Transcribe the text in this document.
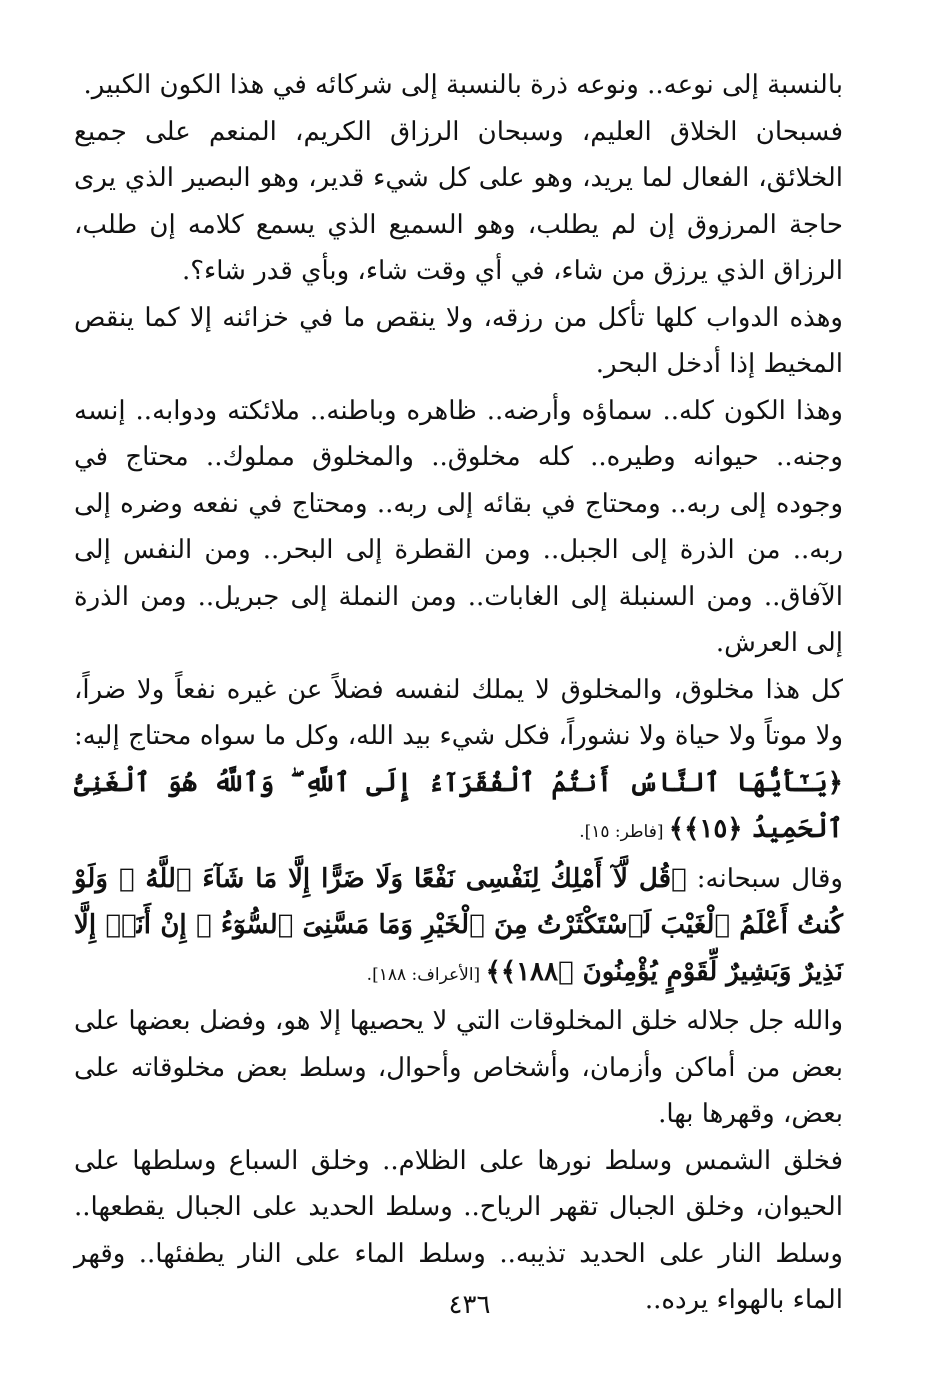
بالنسبة إلى نوعه.. ونوعه ذرة بالنسبة إلى شركائه في هذا الكون الكبير.

فسبحان الخلاق العليم، وسبحان الرزاق الكريم، المنعم على جميع الخلائق، الفعال لما يريد، وهو على كل شيء قدير، وهو البصير الذي يرى حاجة المرزوق إن لم يطلب، وهو السميع الذي يسمع كلامه إن طلب، الرزاق الذي يرزق من شاء، في أي وقت شاء، وبأي قدر شاء؟.

وهذه الدواب كلها تأكل من رزقه، ولا ينقص ما في خزائنه إلا كما ينقص المخيط إذا أدخل البحر.

وهذا الكون كله.. سماؤه وأرضه.. ظاهره وباطنه.. ملائكته ودوابه.. إنسه وجنه.. حيوانه وطيره.. كله مخلوق.. والمخلوق مملوك.. محتاج في وجوده إلى ربه.. ومحتاج في بقائه إلى ربه.. ومحتاج في نفعه وضره إلى ربه.. من الذرة إلى الجبل.. ومن القطرة إلى البحر.. ومن النفس إلى الآفاق.. ومن السنبلة إلى الغابات.. ومن النملة إلى جبريل.. ومن الذرة إلى العرش.

كل هذا مخلوق، والمخلوق لا يملك لنفسه فضلاً عن غيره نفعاً ولا ضراً، ولا موتاً ولا حياة ولا نشوراً، فكل شيء بيد الله، وكل ما سواه محتاج إليه: ﴿يَـٰٓأَيُّهَا ٱلنَّاسُ أَنتُمُ ٱلْفُقَرَآءُ إِلَى ٱللَّهِ ۖ وَٱللَّهُ هُوَ ٱلْغَنِىُّ ٱلْحَمِيدُ ﴿١٥﴾﴾ [فاطر: ١٥].

وقال سبحانه: ﴿قُل لَّآ أَمْلِكُ لِنَفْسِى نَفْعًا وَلَا ضَرًّا إِلَّا مَا شَآءَ ٱللَّهُ ۚ وَلَوْ كُنتُ أَعْلَمُ ٱلْغَيْبَ لَٱسْتَكْثَرْتُ مِنَ ٱلْخَيْرِ وَمَا مَسَّنِىَ ٱلسُّوٓءُ ۚ إِنْ أَنَا۠ إِلَّا نَذِيرٌ وَبَشِيرٌ لِّقَوْمٍ يُؤْمِنُونَ ﴿١٨٨﴾﴾ [الأعراف: ١٨٨].

والله جل جلاله خلق المخلوقات التي لا يحصيها إلا هو، وفضل بعضها على بعض من أماكن وأزمان، وأشخاص وأحوال، وسلط بعض مخلوقاته على بعض، وقهرها بها.

فخلق الشمس وسلط نورها على الظلام.. وخلق السباع وسلطها على الحيوان، وخلق الجبال تقهر الرياح.. وسلط الحديد على الجبال يقطعها.. وسلط النار على الحديد تذيبه.. وسلط الماء على النار يطفئها.. وقهر الماء بالهواء يرده..

٤٣٦
